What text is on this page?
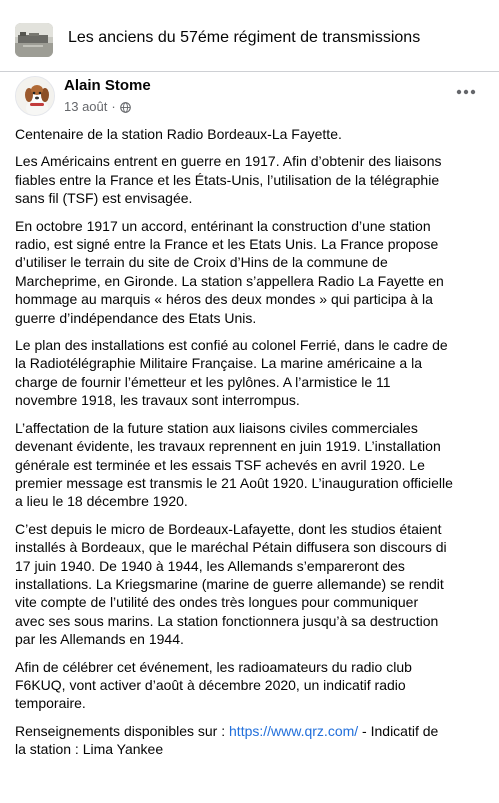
Les anciens du 57éme régiment de transmissions
Alain Stome
13 août ·

Centenaire de la station Radio Bordeaux-La Fayette.

Les Américains entrent en guerre en 1917. Afin d’obtenir des liaisons
fiables entre la France et les États-Unis, l’utilisation de la télégraphie
sans fil (TSF) est envisagée.

En octobre 1917 un accord, entérinant la construction d’une station
radio, est signé entre la France et les Etats Unis. La France propose
d’utiliser le terrain du site de Croix d’Hins de la commune de
Marcheprime, en Gironde. La station s’appellera Radio La Fayette en
hommage au marquis « héros des deux mondes » qui participa à la
guerre d’indépendance des Etats Unis.

Le plan des installations est confié au colonel Ferrié, dans le cadre de
la Radiotélégraphie Militaire Française. La marine américaine a la
charge de fournir l’émetteur et les pylônes. A l’armistice le 11
novembre 1918, les travaux sont interrompus.

L’affectation de la future station aux liaisons civiles commerciales
devenant évidente, les travaux reprennent en juin 1919. L’installation
générale est terminée et les essais TSF achevés en avril 1920. Le
premier message est transmis le 21 Août 1920. L’inauguration officielle
a lieu le 18 décembre 1920.

C’est depuis le micro de Bordeaux-Lafayette, dont les studios étaient
installés à Bordeaux, que le maréchal Pétain diffusera son discours di
17 juin 1940. De 1940 à 1944, les Allemands s’empareront des
installations. La Kriegsmarine (marine de guerre allemande) se rendit
vite compte de l’utilité des ondes très longues pour communiquer
avec ses sous marins. La station fonctionnera jusqu’à sa destruction
par les Allemands en 1944.

Afin de célébrer cet événement, les radioamateurs du radio club
F6KUQ, vont activer d’août à décembre 2020, un indicatif radio
temporaire.

Renseignements disponibles sur : https://www.qrz.com/ - Indicatif de
la station : Lima Yankee
